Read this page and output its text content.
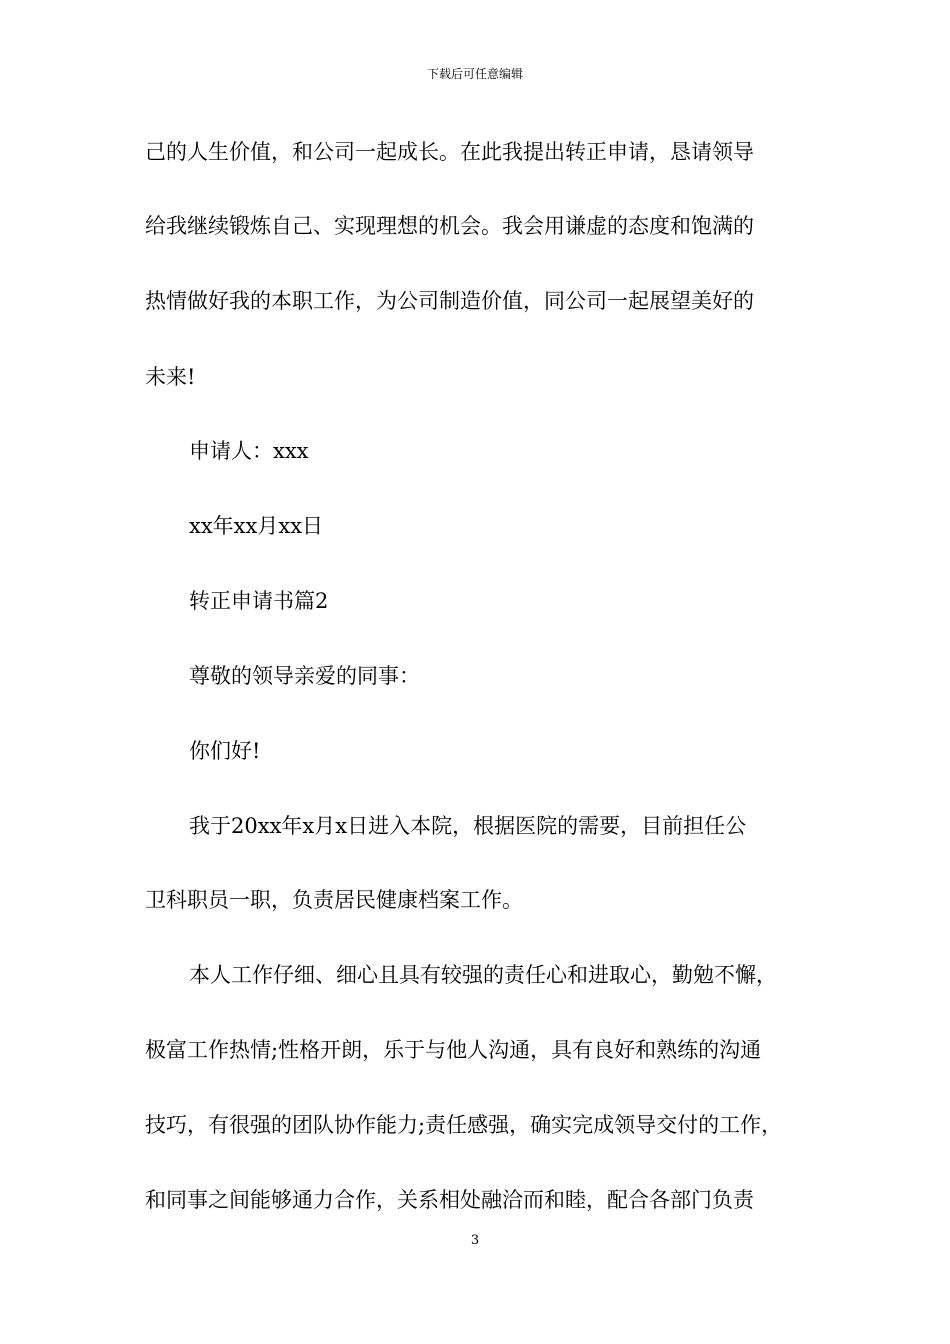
下载后可任意编辑
己的人生价值，和公司一起成长。在此我提出转正申请，恳请领导
给我继续锻炼自己、实现理想的机会。我会用谦虚的态度和饱满的
热情做好我的本职工作，为公司制造价值，同公司一起展望美好的
未来!
申请人：xxx
xx年xx月xx日
转正申请书篇2
尊敬的领导亲爱的同事：
你们好!
我于20xx年x月x日进入本院，根据医院的需要，目前担任公
卫科职员一职，负责居民健康档案工作。
本人工作仔细、细心且具有较强的责任心和进取心，勤勉不懈，
极富工作热情;性格开朗，乐于与他人沟通，具有良好和熟练的沟通
技巧，有很强的团队协作能力;责任感强，确实完成领导交付的工作，
和同事之间能够通力合作，关系相处融洽而和睦，配合各部门负责
3
